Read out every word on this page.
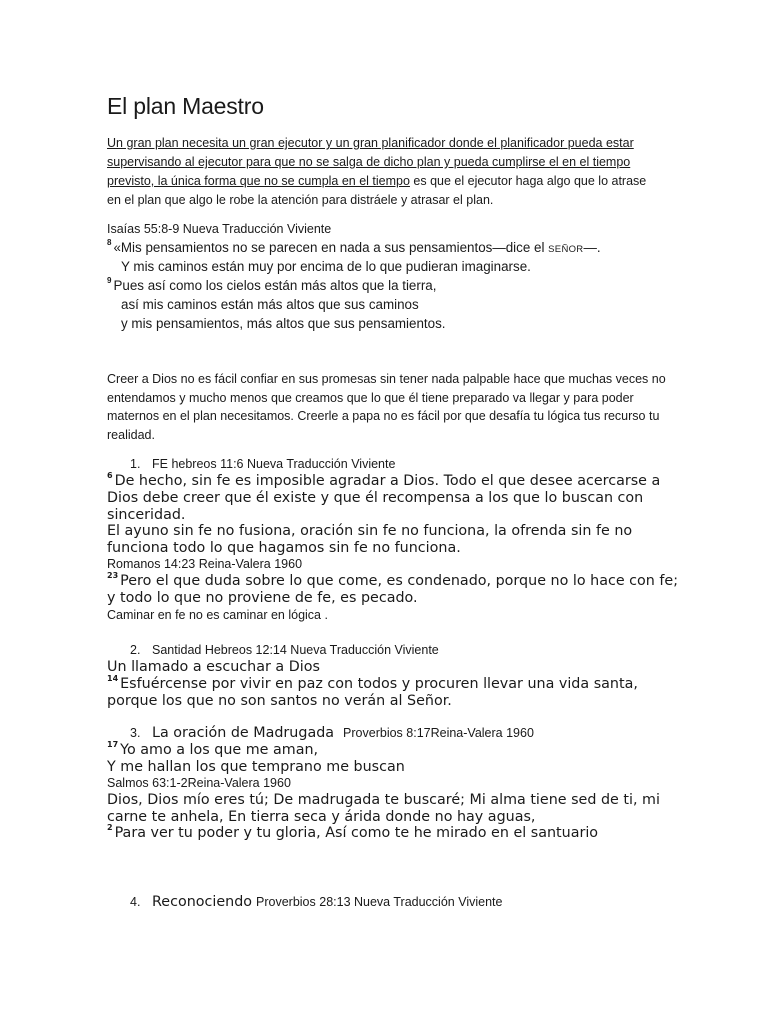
El plan Maestro
Un gran plan necesita un gran ejecutor y un gran planificador donde el planificador pueda estar
supervisando al ejecutor para que no se salga de dicho plan y pueda cumplirse el en el tiempo
previsto, la única forma que no se cumpla en el tiempo es que el ejecutor haga algo que lo atrase
en el plan que algo le robe la atención para distráele y atrasar el plan.
Isaías 55:8-9 Nueva Traducción Viviente
$^8$ «Mis pensamientos no se parecen en nada a sus pensamientos—dice el SEÑOR—.
Y mis caminos están muy por encima de lo que pudieran imaginarse.
$^9$ Pues así como los cielos están más altos que la tierra,
así mis caminos están más altos que sus caminos
y mis pensamientos, más altos que sus pensamientos.
Creer a Dios no es fácil confiar en sus promesas sin tener nada palpable hace que muchas veces no
entendamos y mucho menos que creamos que lo que él tiene preparado va llegar y para poder
maternos en el plan necesitamos. Creerle a papa no es fácil por que desafía tu lógica tus recurso tu
realidad.
1. FE hebreos 11:6 Nueva Traducción Viviente
$^6$ De hecho, sin fe es imposible agradar a Dios. Todo el que desee acercarse a
Dios debe creer que él existe y que él recompensa a los que lo buscan con
sinceridad.
El ayuno sin fe no fusiona, oración sin fe no funciona, la ofrenda sin fe no
funciona todo lo que hagamos sin fe no funciona.
Romanos 14:23 Reina-Valera 1960
$^{23}$ Pero el que duda sobre lo que come, es condenado, porque no lo hace con fe;
y todo lo que no proviene de fe, es pecado.
Caminar en fe no es caminar en lógica .
2. Santidad Hebreos 12:14 Nueva Traducción Viviente
Un llamado a escuchar a Dios
$^{14}$ Esfuércense por vivir en paz con todos y procuren llevar una vida santa,
porque los que no son santos no verán al Señor.
3. La oración de Madrugada Proverbios 8:17Reina-Valera 1960
$^{17}$ Yo amo a los que me aman,
Y me hallan los que temprano me buscan
Salmos 63:1-2Reina-Valera 1960
Dios, Dios mío eres tú; De madrugada te buscaré; Mi alma tiene sed de ti, mi
carne te anhela, En tierra seca y árida donde no hay aguas,
$^2$ Para ver tu poder y tu gloria, Así como te he mirado en el santuario
4. Reconociendo Proverbios 28:13 Nueva Traducción Viviente
